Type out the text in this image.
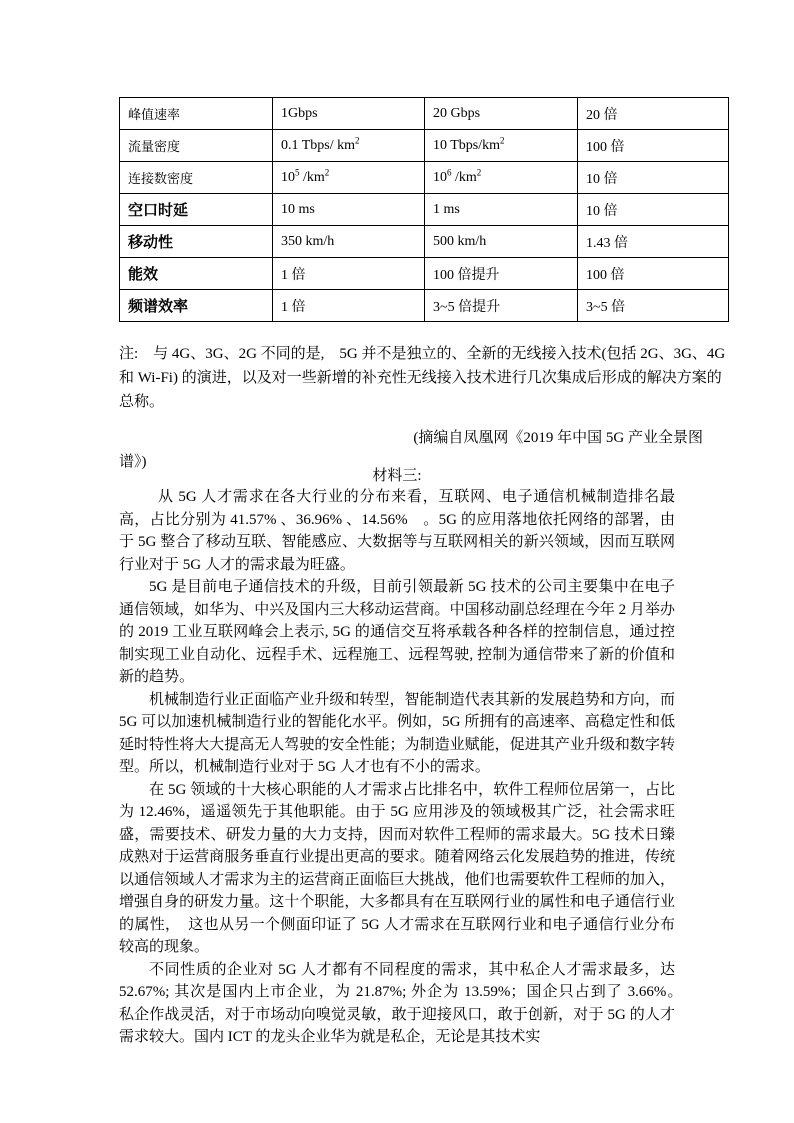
峰值速率	1Gbps	20 Gbps	20 倍
流量密度	0.1 Tbps/ $km^2$	10 Tbps/$km^2$	100 倍
连接数密度	$10^5$ $/km^2$	$10^6$ $/km^2$	10 倍
空口时延	10 ms	1 ms	10 倍
移动性	350 km/h	500 km/h	1.43 倍
能效	1 倍	100 倍提升	100 倍
频谱效率	1 倍	3~5 倍提升	3~5 倍
注:　与 4G、3G、2G 不同的是,　5G 并不是独立的、全新的无线接入技术(包括 2G、3G、4G 和 Wi-Fi) 的演进，以及对一些新增的补充性无线接入技术进行几次集成后形成的解决方案的总称。
(摘编自凤凰网《2019 年中国 5G 产业全景图
谱》)
材料三:

从 5G 人才需求在各大行业的分布来看，互联网、电子通信机械制造排名最高，占比分别为 41.57% 、36.96% 、14.56%　。5G 的应用落地依托网络的部署，由于 5G 整合了移动互联、智能感应、大数据等与互联网相关的新兴领域，因而互联网行业对于 5G 人才的需求最为旺盛。

5G 是目前电子通信技术的升级，目前引领最新 5G 技术的公司主要集中在电子通信领域，如华为、中兴及国内三大移动运营商。中国移动副总经理在今年 2 月举办的 2019 工业互联网峰会上表示, 5G 的通信交互将承载各种各样的控制信息，通过控制实现工业自动化、远程手术、远程施工、远程驾驶, 控制为通信带来了新的价值和新的趋势。

机械制造行业正面临产业升级和转型，智能制造代表其新的发展趋势和方向，而 5G 可以加速机械制造行业的智能化水平。例如，5G 所拥有的高速率、高稳定性和低延时特性将大大提高无人驾驶的安全性能；为制造业赋能，促进其产业升级和数字转型。所以，机械制造行业对于 5G 人才也有不小的需求。

在 5G 领域的十大核心职能的人才需求占比排名中，软件工程师位居第一，占比为 12.46%，遥遥领先于其他职能。由于 5G 应用涉及的领域极其广泛，社会需求旺盛，需要技术、研发力量的大力支持，因而对软件工程师的需求最大。5G 技术日臻成熟对于运营商服务垂直行业提出更高的要求。随着网络云化发展趋势的推进，传统以通信领域人才需求为主的运营商正面临巨大挑战，他们也需要软件工程师的加入，增强自身的研发力量。这十个职能，大多都具有在互联网行业的属性和电子通信行业的属性，　这也从另一个侧面印证了 5G 人才需求在互联网行业和电子通信行业分布较高的现象。

不同性质的企业对 5G 人才都有不同程度的需求，其中私企人才需求最多，达 52.67%; 其次是国内上市企业，为 21.87%; 外企为 13.59%；国企只占到了 3.66%。　私企作战灵活，对于市场动向嗅觉灵敏，敢于迎接风口，敢于创新，对于 5G 的人才需求较大。国内 ICT 的龙头企业华为就是私企，无论是其技术实
